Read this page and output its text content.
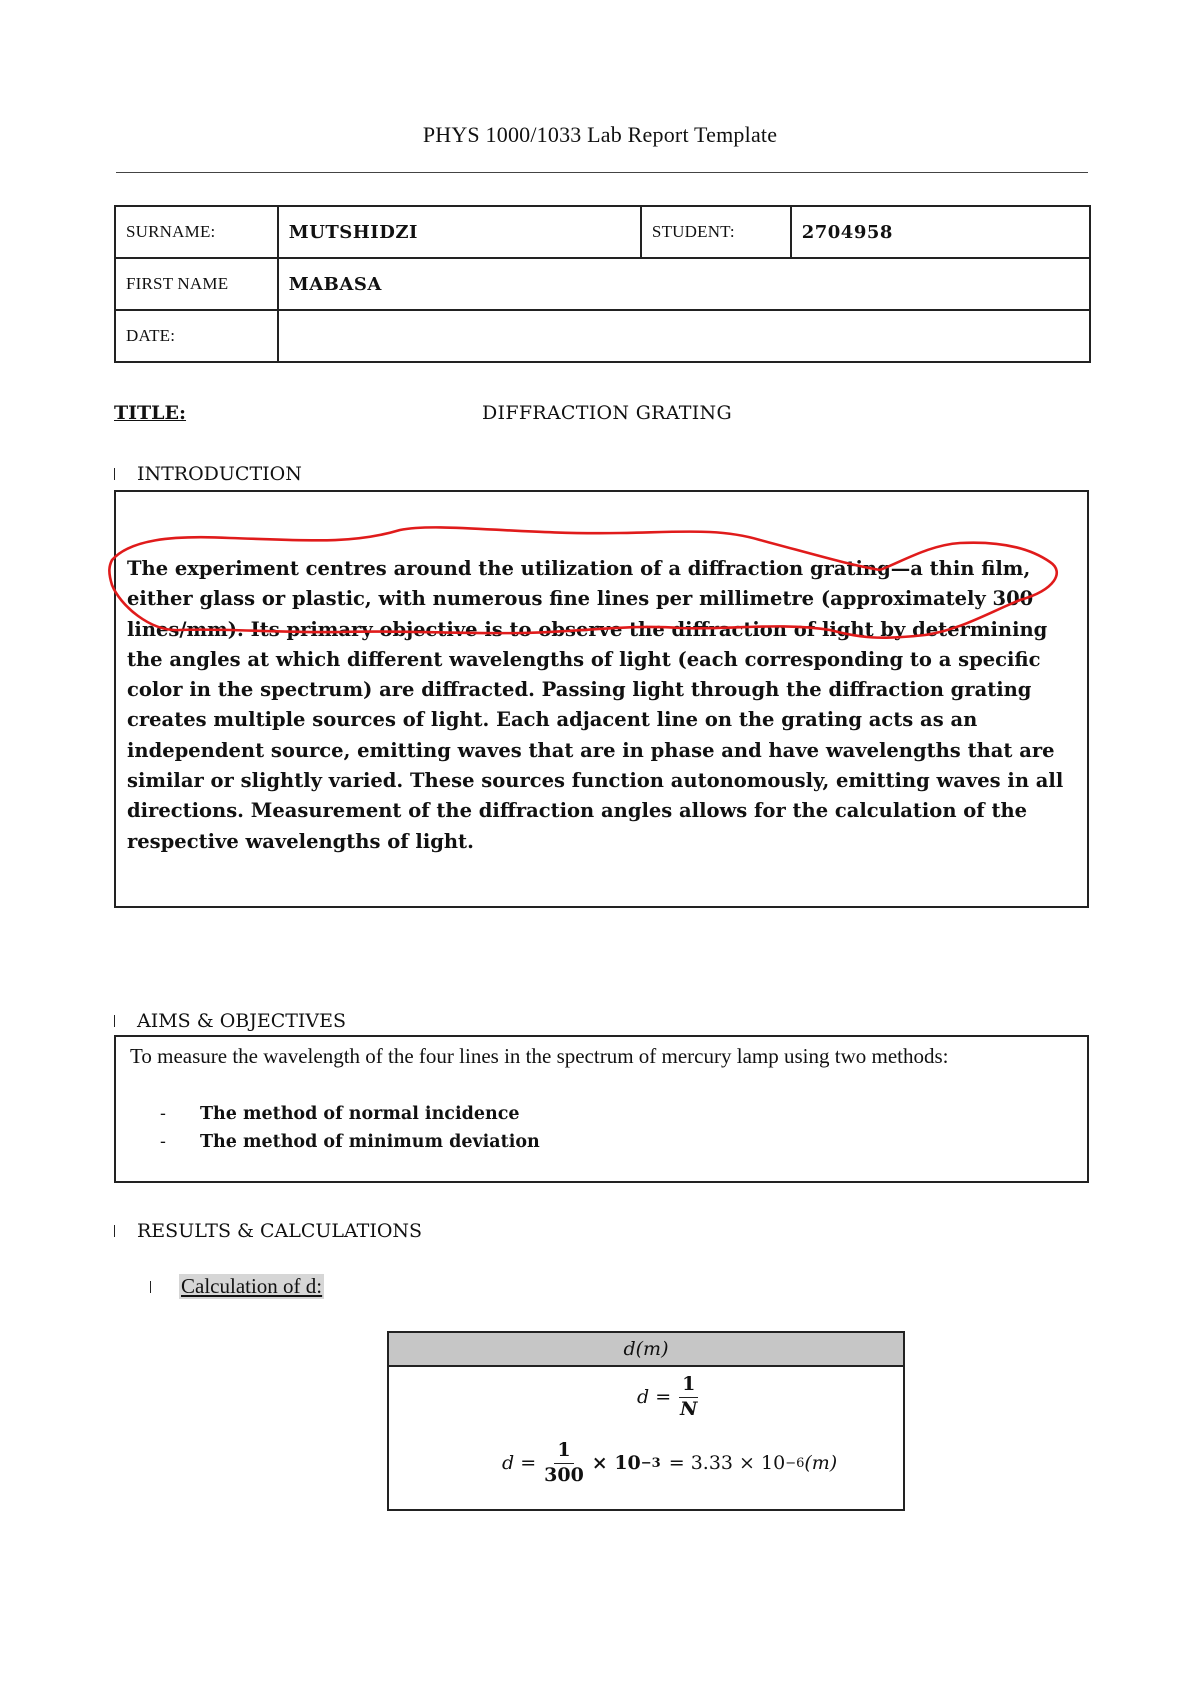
PHYS 1000/1033 Lab Report Template
SURNAME:	MUTSHIDZI	STUDENT:	2704958
FIRST NAME	MABASA		
DATE:			
TITLE:	DIFFRACTION GRATING
INTRODUCTION
The experiment centres around the utilization of a diffraction grating—a thin film, either glass or plastic, with numerous fine lines per millimetre (approximately 300 lines/mm). Its primary objective is to observe the diffraction of light by determining the angles at which different wavelengths of light (each corresponding to a specific color in the spectrum) are diffracted. Passing light through the diffraction grating creates multiple sources of light. Each adjacent line on the grating acts as an independent source, emitting waves that are in phase and have wavelengths that are similar or slightly varied. These sources function autonomously, emitting waves in all directions. Measurement of the diffraction angles allows for the calculation of the respective wavelengths of light.
AIMS & OBJECTIVES
To measure the wavelength of the four lines in the spectrum of mercury lamp using two methods:
-	The method of normal incidence
-	The method of minimum deviation
RESULTS & CALCULATIONS
Calculation of d:
d(m)
$d = \frac{1}{N}$
$d = \frac{1}{300} \times 10 -3 = 3.33 \times 10 -6$ (m)
